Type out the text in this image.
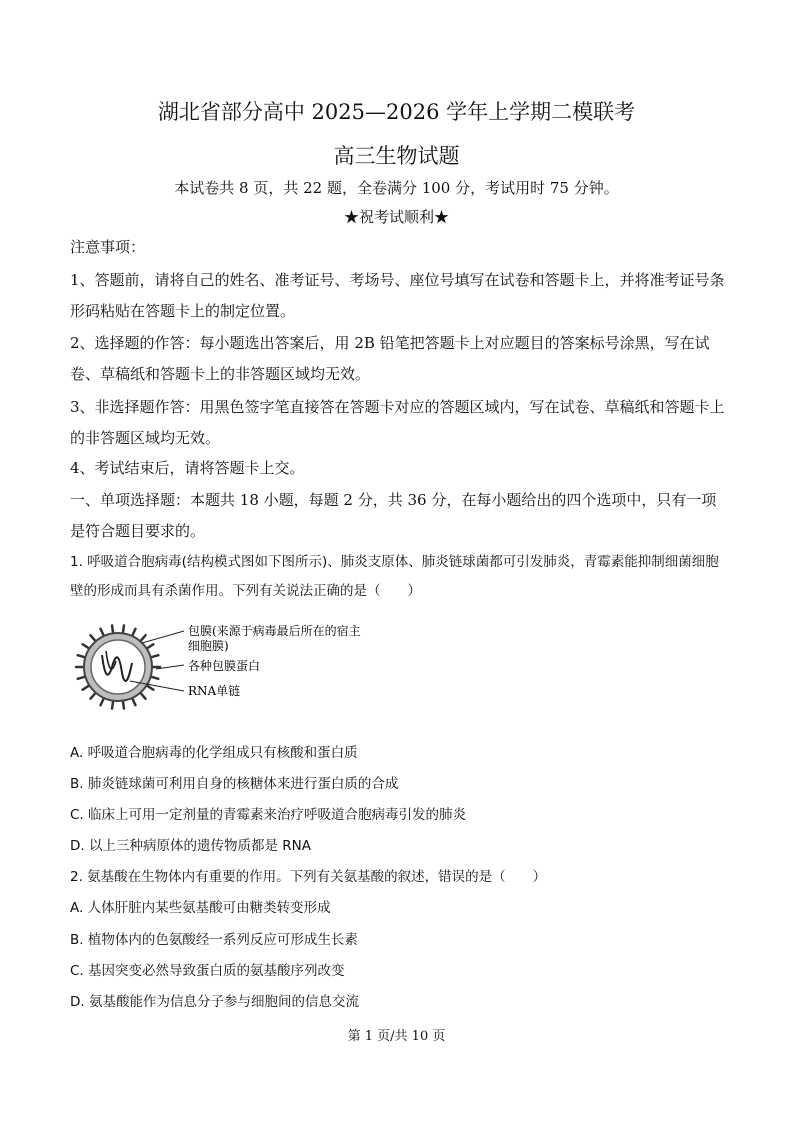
湖北省部分高中 2025—2026 学年上学期二模联考
高三生物试题
本试卷共 8 页，共 22 题，全卷满分 100 分，考试用时 75 分钟。
★祝考试顺利★
注意事项：
1、答题前，请将自己的姓名、准考证号、考场号、座位号填写在试卷和答题卡上，并将准考证号条形码粘贴在答题卡上的制定位置。
2、选择题的作答：每小题选出答案后，用 2B 铅笔把答题卡上对应题目的答案标号涂黑，写在试卷、草稿纸和答题卡上的非答题区域均无效。
3、非选择题作答：用黑色签字笔直接答在答题卡对应的答题区域内，写在试卷、草稿纸和答题卡上的非答题区域均无效。
4、考试结束后，请将答题卡上交。
一、单项选择题：本题共 18 小题，每题 2 分，共 36 分，在每小题给出的四个选项中，只有一项是符合题目要求的。
1. 呼吸道合胞病毒(结构模式图如下图所示)、肺炎支原体、肺炎链球菌都可引发肺炎，青霉素能抑制细菌细胞壁的形成而具有杀菌作用。下列有关说法正确的是（　　）
包膜(来源于病毒最后所在的宿主
细胞膜)
各种包膜蛋白
RNA单链
A. 呼吸道合胞病毒的化学组成只有核酸和蛋白质
B. 肺炎链球菌可利用自身的核糖体来进行蛋白质的合成
C. 临床上可用一定剂量的青霉素来治疗呼吸道合胞病毒引发的肺炎
D. 以上三种病原体的遗传物质都是 RNA
2. 氨基酸在生物体内有重要的作用。下列有关氨基酸的叙述，错误的是（　　）
A. 人体肝脏内某些氨基酸可由糖类转变形成
B. 植物体内的色氨酸经一系列反应可形成生长素
C. 基因突变必然导致蛋白质的氨基酸序列改变
D. 氨基酸能作为信息分子参与细胞间的信息交流
第 1 页/共 10 页
